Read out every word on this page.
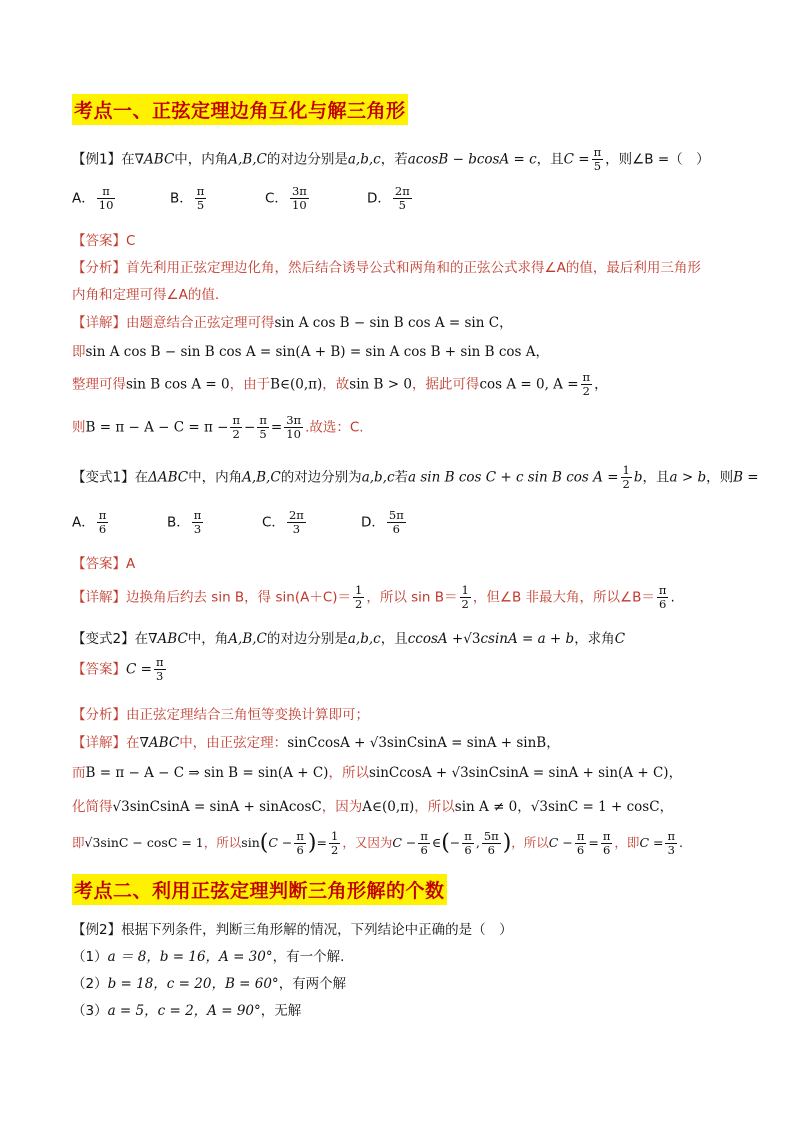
考点一、正弦定理边角互化与解三角形
【例1】在∇ABC中，内角A,B,C的对边分别是a,b,c，若acosB − bcosA = c，且$C = \frac{\pi}{5}$ ，则∠B =（　）
A． $\frac{\pi}{10}$	B． $\frac{\pi}{5}$	C． $\frac{3\pi}{10}$	D． $\frac{2\pi}{5}$
【答案】C
【分析】首先利用正弦定理边化角，然后结合诱导公式和两角和的正弦公式求得∠A的值，最后利用三角形
内角和定理可得∠A的值.
【详解】由题意结合正弦定理可得sin A cos B − sin B cos A = sin C，
即sin A cos B − sin B cos A = sin(A + B) = sin A cos B + sin B cos A，
整理可得sin B cos A = 0，由于B∈(0,π)，故sin B > 0，据此可得cos A = 0, $A = \frac{\pi}{2}$ ，
则$B = \pi - A - C = \pi - \frac{\pi}{2} - \frac{\pi}{5} = \frac{3\pi}{10}$ .故选：C.
【变式1】在ΔABC中，内角A,B,C的对边分别为a,b,c若a sin B cos C + c sin B $\cos A = \frac{1}{2}$ b，且a > b，则B =
A． $\frac{\pi}{6}$	B． $\frac{\pi}{3}$	C． $\frac{2\pi}{3}$	D． $\frac{5\pi}{6}$
【答案】A
【详解】边换角后约去 sin B，得 $\sin(A+C)= \frac{1}{2}$ ，所以 $\sin B= \frac{1}{2}$ ，但∠B 非最大角，所以∠B＝ $\frac{\pi}{6}$ .
【变式2】在∇ABC中，角A,B,C的对边分别是a,b,c，且ccosA +√3csinA = a + b，求角C
【答案】$C = \frac{\pi}{3}$
【分析】由正弦定理结合三角恒等变换计算即可；
【详解】在∇ABC中，由正弦定理：sinCcosA + √3sinCsinA = sinA + sinB，
而B = π − A − C ⇒ sin B = sin(A + C)，所以sinCcosA + √3sinCsinA = sinA + sin(A + C)，
化简得√3sinCsinA = sinA + sinAcosC，因为A∈(0,π)，所以sin A ≠ 0，√3sinC = 1 + cosC，
即√3sinC − cosC = 1，所以$\sin(C - \frac{\pi}{6}$ )= $\frac{1}{2}$ ，又因为$C - \frac{\pi}{6}$ ∈(− $\frac{\pi}{6}$ , $\frac{5\pi}{6}$ )，所以$C - \frac{\pi}{6} = \frac{\pi}{6}$ ，即$C = \frac{\pi}{3}$ .
考点二、利用正弦定理判断三角形解的个数
【例2】根据下列条件，判断三角形解的情况，下列结论中正确的是（　）
（1）a ＝ 8，b = 16，A = 30°，有一个解.
（2）b = 18，c = 20，B = 60°，有两个解
（3）a = 5，c = 2，A = 90°，无解
